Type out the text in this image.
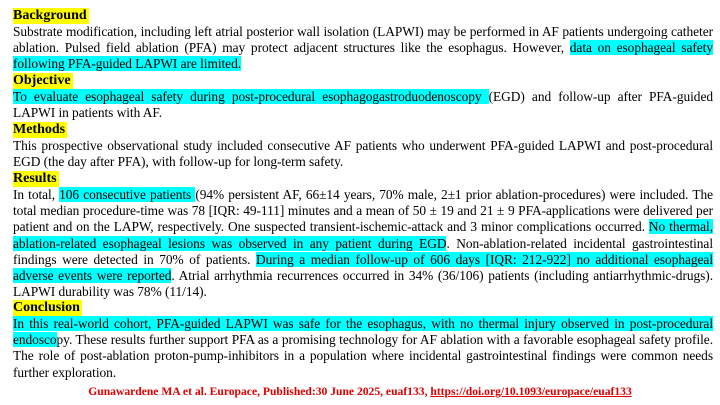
Background
Substrate modification, including left atrial posterior wall isolation (LAPWI) may be performed in AF patients undergoing catheter ablation. Pulsed field ablation (PFA) may protect adjacent structures like the esophagus. However, data on esophageal safety following PFA-guided LAPWI are limited.
Objective
To evaluate esophageal safety during post-procedural esophagogastroduodenoscopy (EGD) and follow-up after PFA-guided LAPWI in patients with AF.
Methods
This prospective observational study included consecutive AF patients who underwent PFA-guided LAPWI and post-procedural EGD (the day after PFA), with follow-up for long-term safety.
Results
In total, 106 consecutive patients (94% persistent AF, 66±14 years, 70% male, 2±1 prior ablation-procedures) were included. The total median procedure-time was 78 [IQR: 49-111] minutes and a mean of 50 ± 19 and 21 ± 9 PFA-applications were delivered per patient and on the LAPW, respectively. One suspected transient-ischemic-attack and 3 minor complications occurred. No thermal, ablation-related esophageal lesions was observed in any patient during EGD. Non-ablation-related incidental gastrointestinal findings were detected in 70% of patients. During a median follow-up of 606 days [IQR: 212-922] no additional esophageal adverse events were reported. Atrial arrhythmia recurrences occurred in 34% (36/106) patients (including antiarrhythmic-drugs). LAPWI durability was 78% (11/14).
Conclusion
In this real-world cohort, PFA-guided LAPWI was safe for the esophagus, with no thermal injury observed in post-procedural endoscopy. These results further support PFA as a promising technology for AF ablation with a favorable esophageal safety profile. The role of post-ablation proton-pump-inhibitors in a population where incidental gastrointestinal findings were common needs further exploration.
Gunawardene MA et al. Europace, Published:30 June 2025, euaf133, https://doi.org/10.1093/europace/euaf133
